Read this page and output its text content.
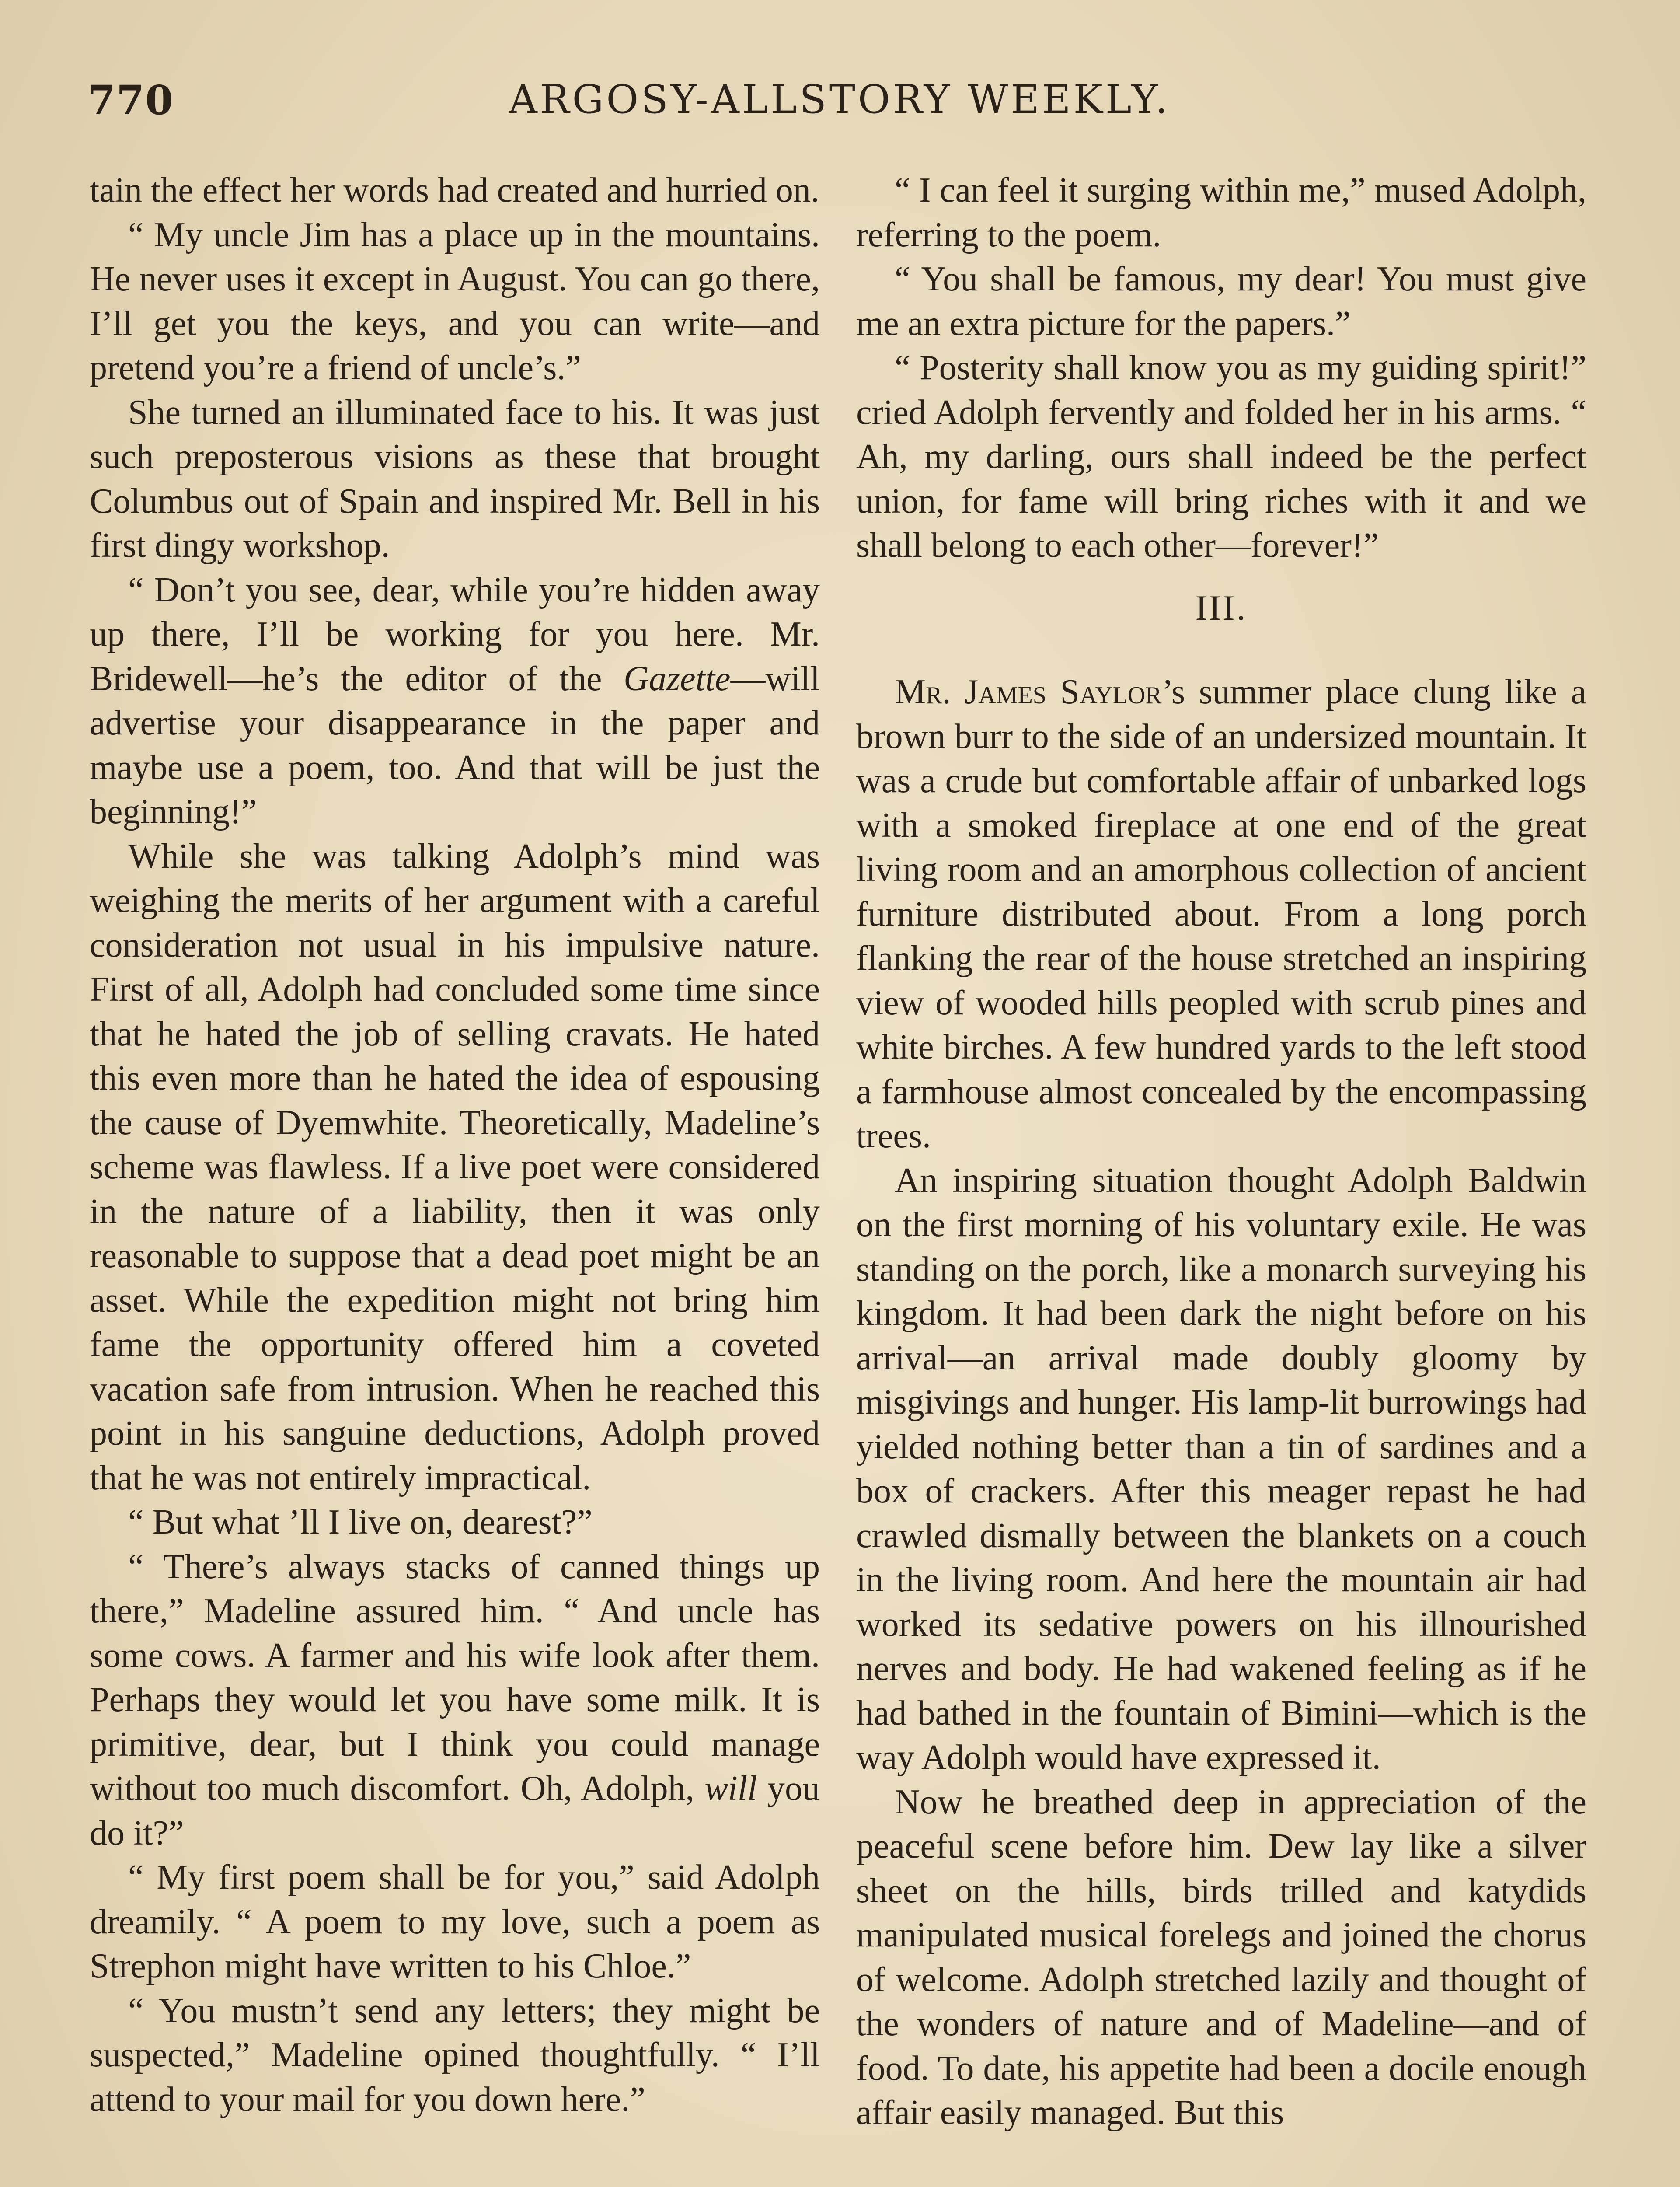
770	ARGOSY-ALLSTORY WEEKLY.

tain the effect her words had created and hurried on.

“ My uncle Jim has a place up in the mountains. He never uses it except in August. You can go there, I’ll get you the keys, and you can write—and pretend you’re a friend of uncle’s.”

She turned an illuminated face to his. It was just such preposterous visions as these that brought Columbus out of Spain and inspired Mr. Bell in his first dingy workshop.

“ Don’t you see, dear, while you’re hidden away up there, I’ll be working for you here. Mr. Bridewell—he’s the editor of the Gazette—will advertise your disappearance in the paper and maybe use a poem, too. And that will be just the beginning!”

While she was talking Adolph’s mind was weighing the merits of her argument with a careful consideration not usual in his impulsive nature. First of all, Adolph had concluded some time since that he hated the job of selling cravats. He hated this even more than he hated the idea of espousing the cause of Dyemwhite. Theoretically, Madeline’s scheme was flawless. If a live poet were considered in the nature of a liability, then it was only reasonable to suppose that a dead poet might be an asset. While the expedition might not bring him fame the opportunity offered him a coveted vacation safe from intrusion. When he reached this point in his sanguine deductions, Adolph proved that he was not entirely impractical.

“ But what ’ll I live on, dearest?”

“ There’s always stacks of canned things up there,” Madeline assured him. “ And uncle has some cows. A farmer and his wife look after them. Perhaps they would let you have some milk. It is primitive, dear, but I think you could manage without too much discomfort. Oh, Adolph, will you do it?”

“ My first poem shall be for you,” said Adolph dreamily. “ A poem to my love, such a poem as Strephon might have written to his Chloe.”

“ You mustn’t send any letters; they might be suspected,” Madeline opined thoughtfully. “ I’ll attend to your mail for you down here.”

“ I can feel it surging within me,” mused Adolph, referring to the poem.

“ You shall be famous, my dear! You must give me an extra picture for the papers.”

“ Posterity shall know you as my guiding spirit!” cried Adolph fervently and folded her in his arms. “ Ah, my darling, ours shall indeed be the perfect union, for fame will bring riches with it and we shall belong to each other—forever!”

III.

Mr. James Saylor’s summer place clung like a brown burr to the side of an undersized mountain. It was a crude but comfortable affair of unbarked logs with a smoked fireplace at one end of the great living room and an amorphous collection of ancient furniture distributed about. From a long porch flanking the rear of the house stretched an inspiring view of wooded hills peopled with scrub pines and white birches. A few hundred yards to the left stood a farmhouse almost concealed by the encompassing trees.

An inspiring situation thought Adolph Baldwin on the first morning of his voluntary exile. He was standing on the porch, like a monarch surveying his kingdom. It had been dark the night before on his arrival—an arrival made doubly gloomy by misgivings and hunger. His lamp-lit burrowings had yielded nothing better than a tin of sardines and a box of crackers. After this meager repast he had crawled dismally between the blankets on a couch in the living room. And here the mountain air had worked its sedative powers on his illnourished nerves and body. He had wakened feeling as if he had bathed in the fountain of Bimini—which is the way Adolph would have expressed it.

Now he breathed deep in appreciation of the peaceful scene before him. Dew lay like a silver sheet on the hills, birds trilled and katydids manipulated musical forelegs and joined the chorus of welcome. Adolph stretched lazily and thought of the wonders of nature and of Madeline—and of food. To date, his appetite had been a docile enough affair easily managed. But this
